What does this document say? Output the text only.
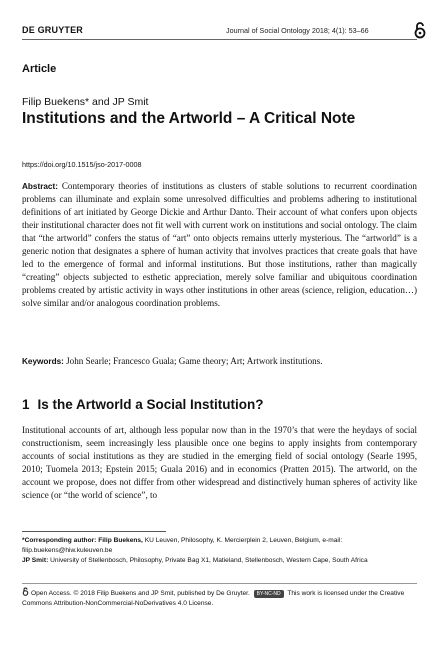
DE GRUYTER	Journal of Social Ontology 2018; 4(1): 53–66
Article
Filip Buekens* and JP Smit
Institutions and the Artworld – A Critical Note
https://doi.org/10.1515/jso-2017-0008
Abstract: Contemporary theories of institutions as clusters of stable solutions to recurrent coordination problems can illuminate and explain some unresolved difficulties and problems adhering to institutional definitions of art initiated by George Dickie and Arthur Danto. Their account of what confers upon objects their institutional character does not fit well with current work on institutions and social ontology. The claim that “the artworld” confers the status of “art” onto objects remains utterly mysterious. The “artworld” is a generic notion that designates a sphere of human activity that involves practices that create goals that have led to the emergence of formal and informal institutions. But those institutions, rather than magically “creating” objects subjected to esthetic appreciation, merely solve familiar and ubiquitous coordination problems created by artistic activity in ways other institutions in other areas (science, religion, education…) solve similar and/or analogous coordination problems.
Keywords: John Searle; Francesco Guala; Game theory; Art; Artwork institutions.
1 Is the Artworld a Social Institution?
Institutional accounts of art, although less popular now than in the 1970’s that were the heydays of social constructionism, seem increasingly less plausible once one begins to apply insights from contemporary accounts of social institutions as they are studied in the emerging field of social ontology (Searle 1995, 2010; Tuomela 2013; Epstein 2015; Guala 2016) and in economics (Pratten 2015). The artworld, on the account we propose, does not differ from other widespread and distinctively human spheres of activity like science (or “the world of science”, to
*Corresponding author: Filip Buekens, KU Leuven, Philosophy, K. Mercierplein 2, Leuven, Belgium, e-mail: filip.buekens@hiw.kuleuven.be
JP Smit: University of Stellenbosch, Philosophy, Private Bag X1, Matieland, Stellenbosch, Western Cape, South Africa
Open Access. © 2018 Filip Buekens and JP Smit, published by De Gruyter. BY-NC-ND This work is licensed under the Creative Commons Attribution-NonCommercial-NoDerivatives 4.0 License.
